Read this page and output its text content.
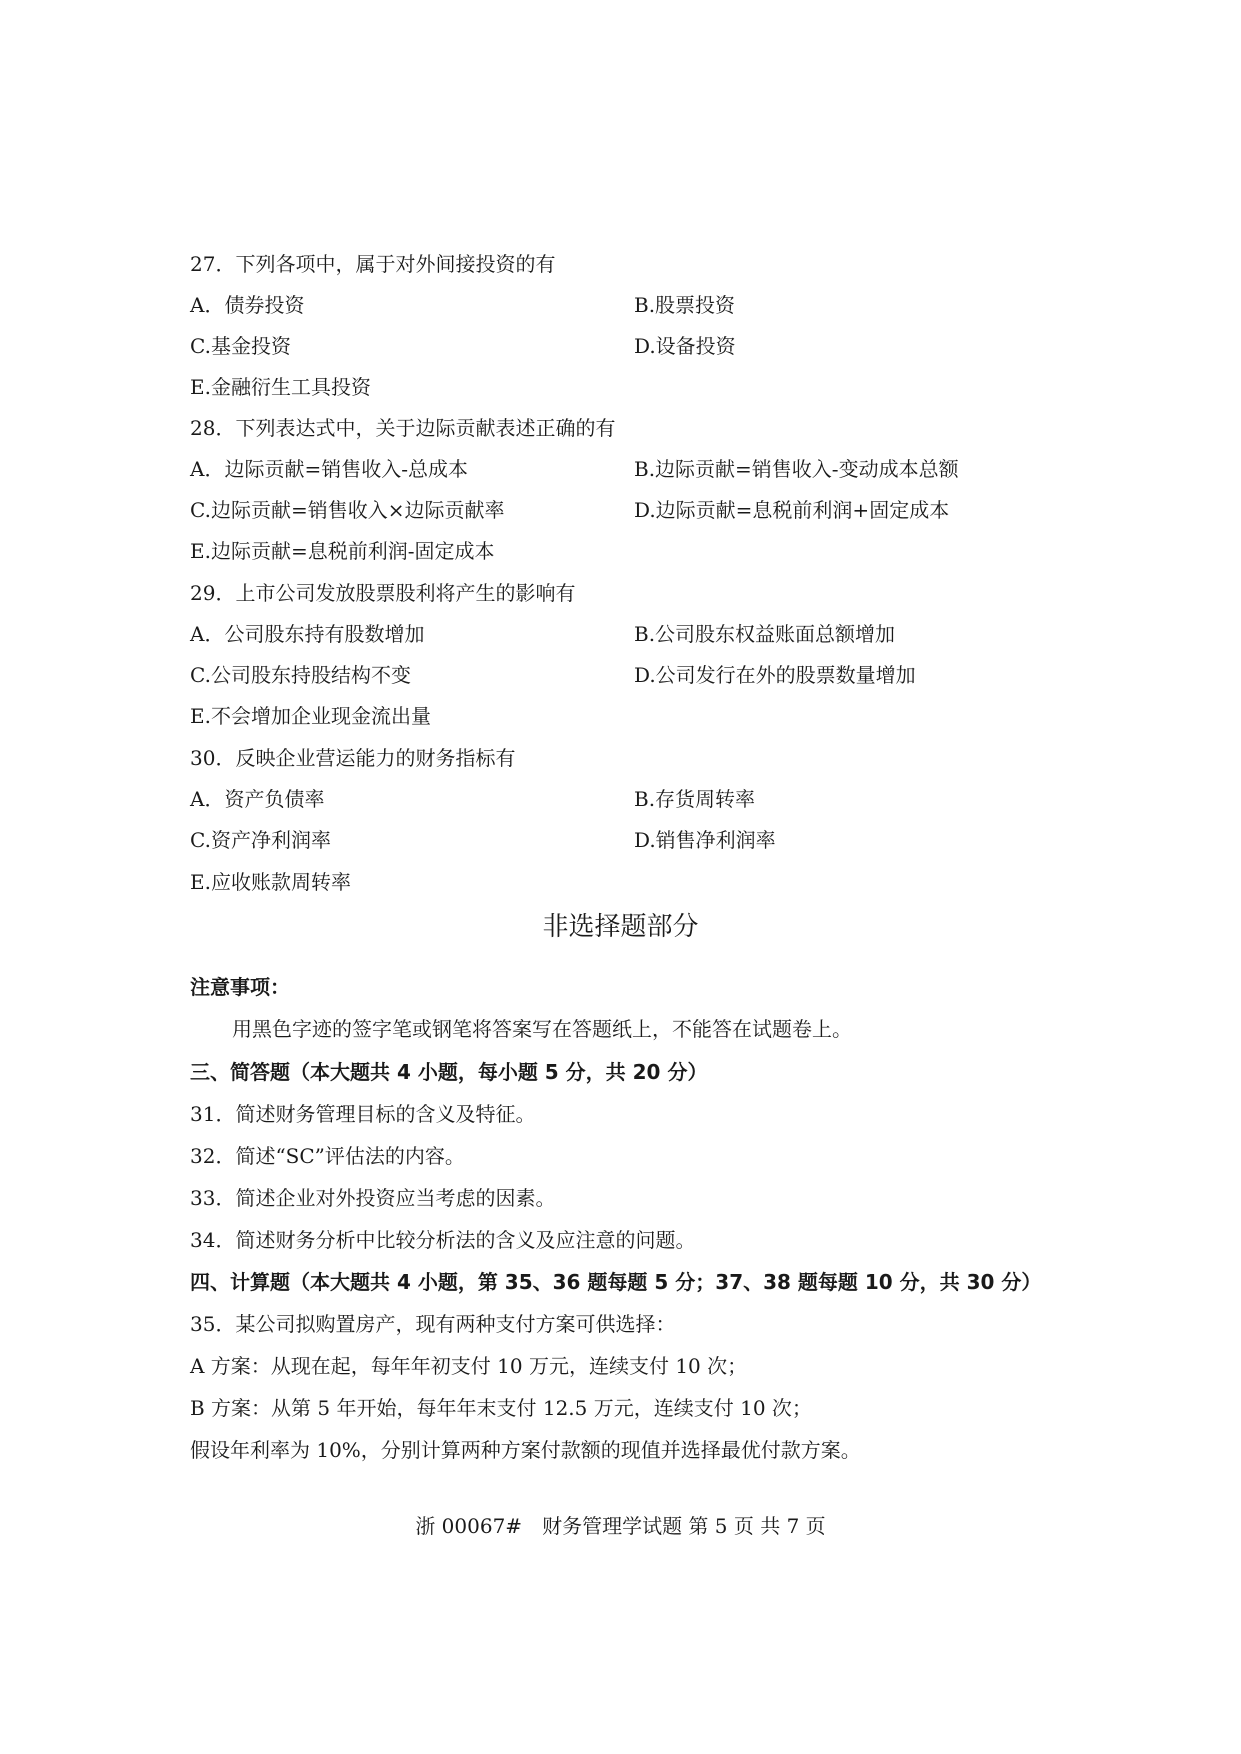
27．下列各项中，属于对外间接投资的有
A．债券投资	B.股票投资
C.基金投资	D.设备投资
E.金融衍生工具投资
28．下列表达式中，关于边际贡献表述正确的有
A．边际贡献=销售收入-总成本	B.边际贡献=销售收入-变动成本总额
C.边际贡献=销售收入×边际贡献率	D.边际贡献=息税前利润+固定成本
E.边际贡献=息税前利润-固定成本
29．上市公司发放股票股利将产生的影响有
A．公司股东持有股数增加	B.公司股东权益账面总额增加
C.公司股东持股结构不变	D.公司发行在外的股票数量增加
E.不会增加企业现金流出量
30．反映企业营运能力的财务指标有
A．资产负债率	B.存货周转率
C.资产净利润率	D.销售净利润率
E.应收账款周转率
非选择题部分
注意事项：
用黑色字迹的签字笔或钢笔将答案写在答题纸上，不能答在试题卷上。
三、简答题（本大题共 4 小题，每小题 5 分，共 20 分）
31．简述财务管理目标的含义及特征。
32．简述“SC”评估法的内容。
33．简述企业对外投资应当考虑的因素。
34．简述财务分析中比较分析法的含义及应注意的问题。
四、计算题（本大题共 4 小题，第 35、36 题每题 5 分；37、38 题每题 10 分，共 30 分）
35．某公司拟购置房产，现有两种支付方案可供选择：
A 方案：从现在起，每年年初支付 10 万元，连续支付 10 次；
B 方案：从第 5 年开始，每年年末支付 12.5 万元，连续支付 10 次；
假设年利率为 10%，分别计算两种方案付款额的现值并选择最优付款方案。
浙 00067#　财务管理学试题 第 5 页 共 7 页
